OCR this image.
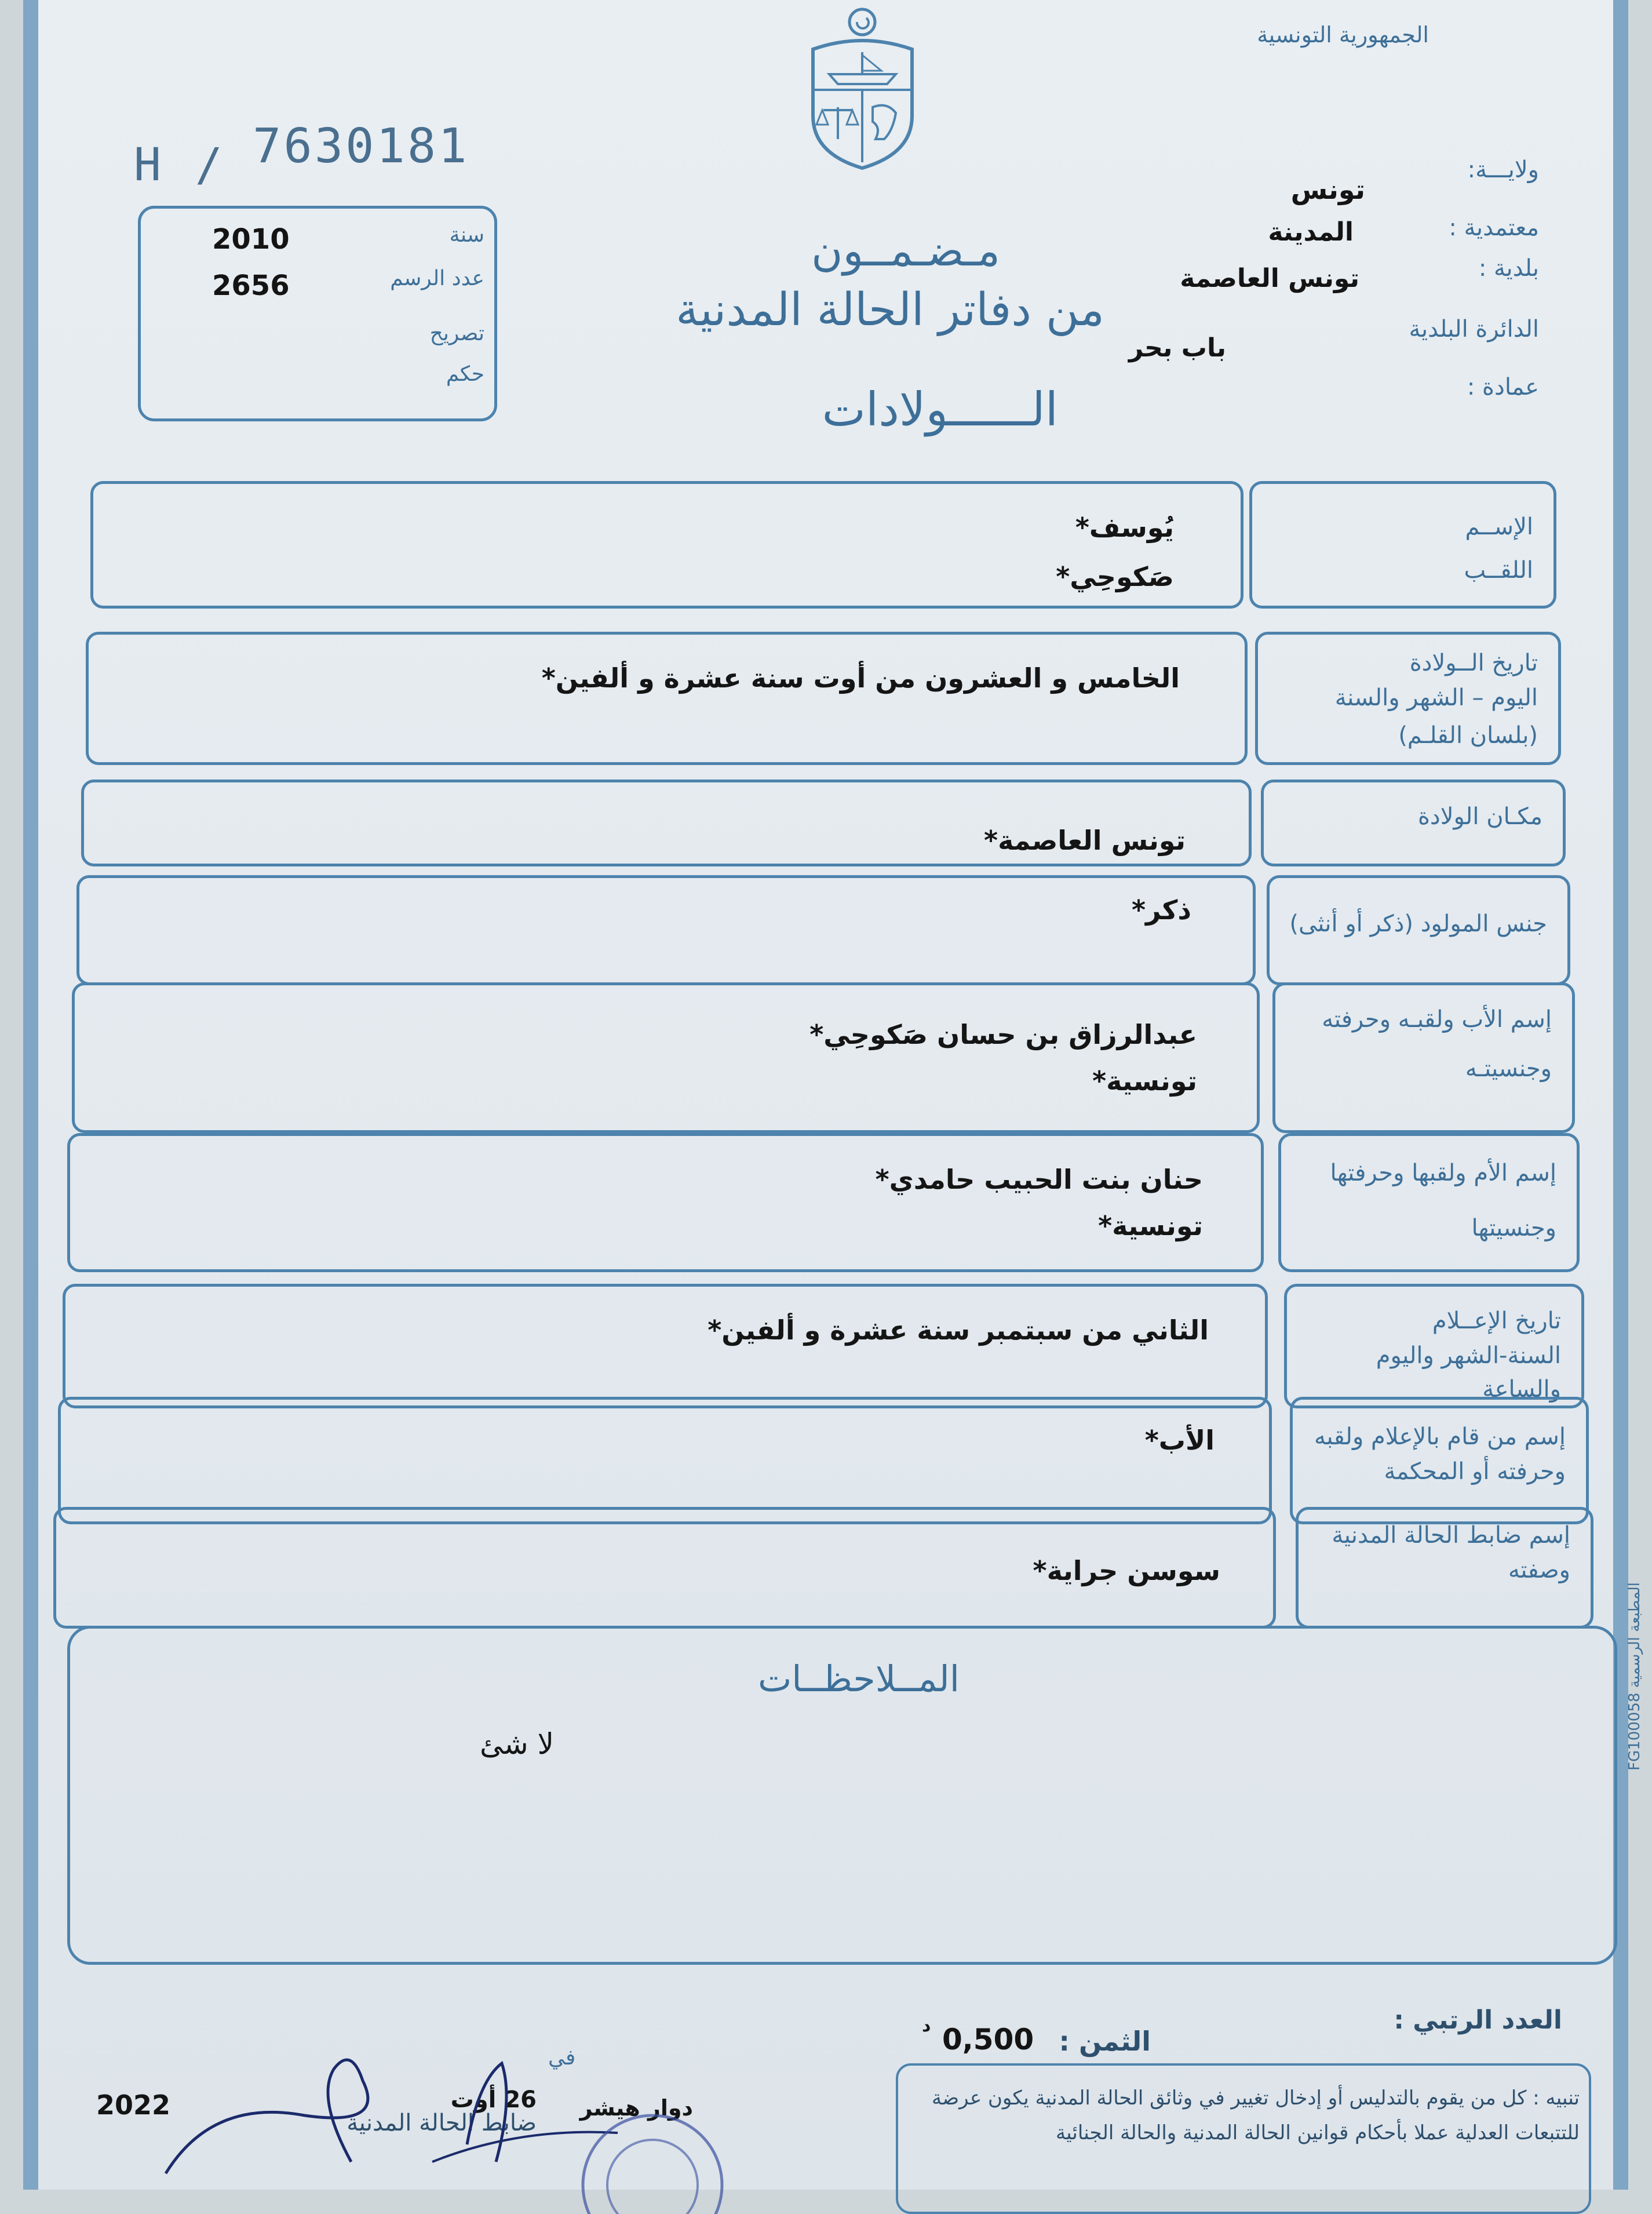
الجمهورية التونسية
H / 7630181
سنة
2010
عدد الرسم
2656
تصريح
حكم
مـضـمــون
من دفاتر الحالة المدنية
الــــــولادات
ولايـــة:
تونس
معتمدية :
المدينة
بلدية :
تونس العاصمة
الدائرة البلدية
باب بحر
عمادة :
الإســم
اللقــب
يُوسف*
صَكوحِي*
تاريخ الــولادة
اليوم – الشهر والسنة
(بلسان القلـم)
الخامس و العشرون من أوت سنة عشرة و ألفين*
مكـان الولادة
تونس العاصمة*
جنس المولود (ذكر أو أنثى)
ذكر*
إسم الأب ولقبـه وحرفته
وجنسيتـه
عبدالرزاق بن حسان صَكوحِي*
تونسية*
إسم الأم ولقبها وحرفتها
وجنسيتها
حنان بنت الحبيب حامدي*
تونسية*
تاريخ الإعــلام
السنة-الشهر واليوم والساعة
الثاني من سبتمبر سنة عشرة و ألفين*
إسم من قام بالإعلام ولقبه
وحرفته أو المحكمة
الأب*
إسم ضابط الحالة المدنية
وصفته
سوسن جراية*
المــلاحظــات
لا شئ	المطبعة الرسمية FG100058
العدد الرتبي :
الثمن :
0,500
د
في
26 أوت
2022	دوار هيشر
ضابط الحالة المدنية
تنبيه : كل من يقوم بالتدليس أو إدخال تغيير في وثائق الحالة المدنية يكون عرضة
للتتبعات العدلية عملا بأحكام قوانين الحالة المدنية والحالة الجنائية
